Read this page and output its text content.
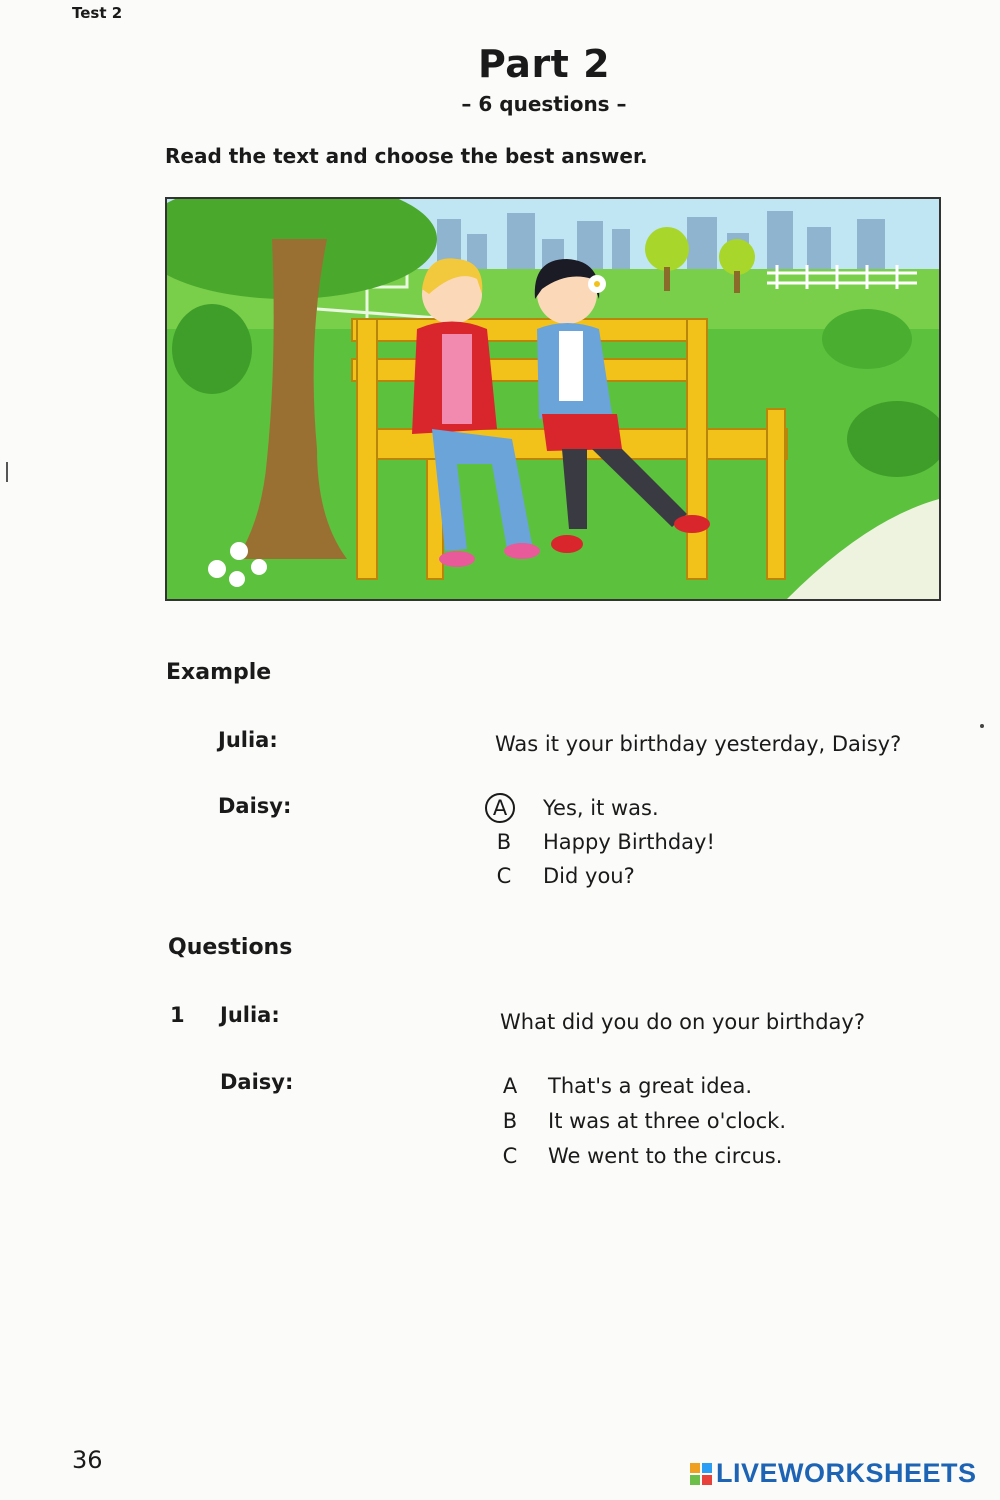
Test 2
Part 2
– 6 questions –
Read the text and choose the best answer.
Example
Julia:	Was it your birthday yesterday, Daisy?
Daisy:	A	Yes, it was.
B	Happy Birthday!
C	Did you?
Questions
1 Julia:	What did you do on your birthday?
Daisy:	A	That's a great idea.
B	It was at three o'clock.
C	We went to the circus.
36	LIVEWORKSHEETS
